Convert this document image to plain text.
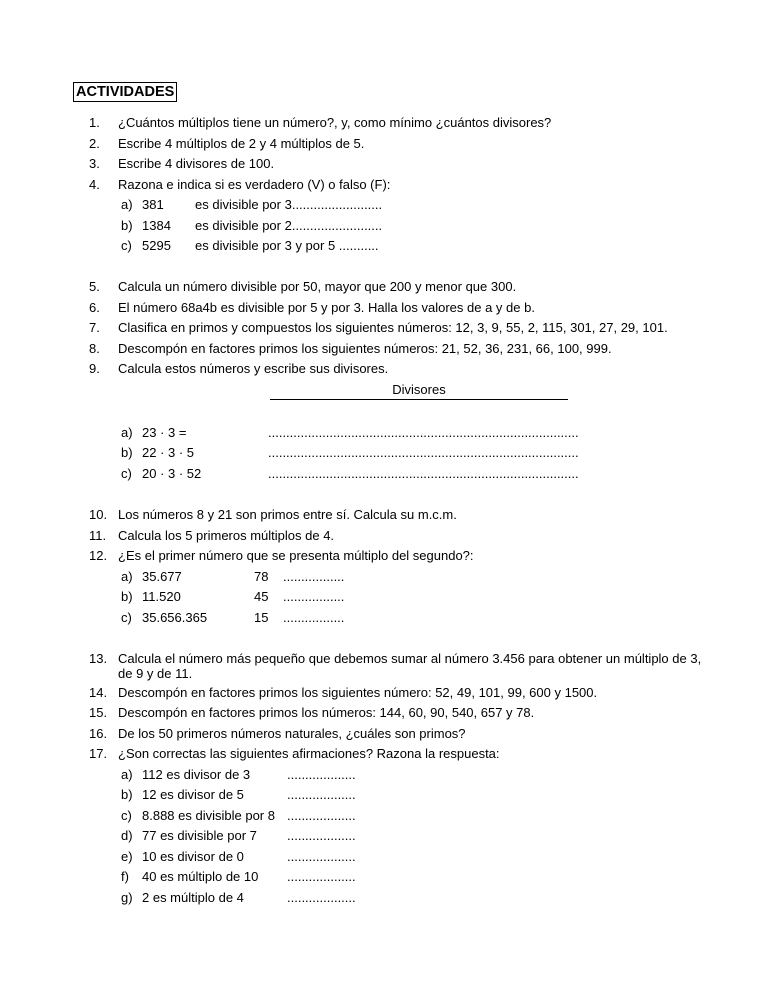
ACTIVIDADES
1. ¿Cuántos múltiplos tiene un número?, y, como mínimo ¿cuántos divisores?
2. Escribe 4 múltiplos de 2 y 4 múltiplos de 5.
3. Escribe 4 divisores de 100.
4. Razona e indica si es verdadero (V) o falso (F):
a) 381 es divisible por 3.........................
b) 1384 es divisible por 2.........................
c) 5295 es divisible por 3 y por 5 ...........
5. Calcula un número divisible por 50, mayor que 200 y menor que 300.
6. El número 68a4b es divisible por 5 y por 3. Halla los valores de a y de b.
7. Clasifica en primos y compuestos los siguientes números: 12, 3, 9, 55, 2, 115, 301, 27, 29, 101.
8. Descompón en factores primos los siguientes números: 21, 52, 36, 231, 66, 100, 999.
9. Calcula estos números y escribe sus divisores.
Divisores
a) 23 · 3 =	......................................................................................
b) 22 · 3 · 5	......................................................................................
c) 20 · 3 · 52	......................................................................................
10. Los números 8 y 21 son primos entre sí. Calcula su m.c.m.
11. Calcula los 5 primeros múltiplos de 4.
12. ¿Es el primer número que se presenta múltiplo del segundo?:
a) 35.677	78 .................
b) 11.520	45 .................
c) 35.656.365	15 .................
13. Calcula el número más pequeño que debemos sumar al número 3.456 para obtener un múltiplo de 3, de 9 y de 11.
14. Descompón en factores primos los siguientes número: 52, 49, 101, 99, 600 y 1500.
15. Descompón en factores primos los números: 144, 60, 90, 540, 657 y 78.
16. De los 50 primeros números naturales, ¿cuáles son primos?
17. ¿Son correctas las siguientes afirmaciones? Razona la respuesta:
a) 112 es divisor de 3	...................
b) 12 es divisor de 5	...................
c) 8.888 es divisible por 8 ...................
d) 77 es divisible por 7 ...................
e) 10 es divisor de 0	...................
f) 40 es múltiplo de 10 ...................
g) 2 es múltiplo de 4	...................
